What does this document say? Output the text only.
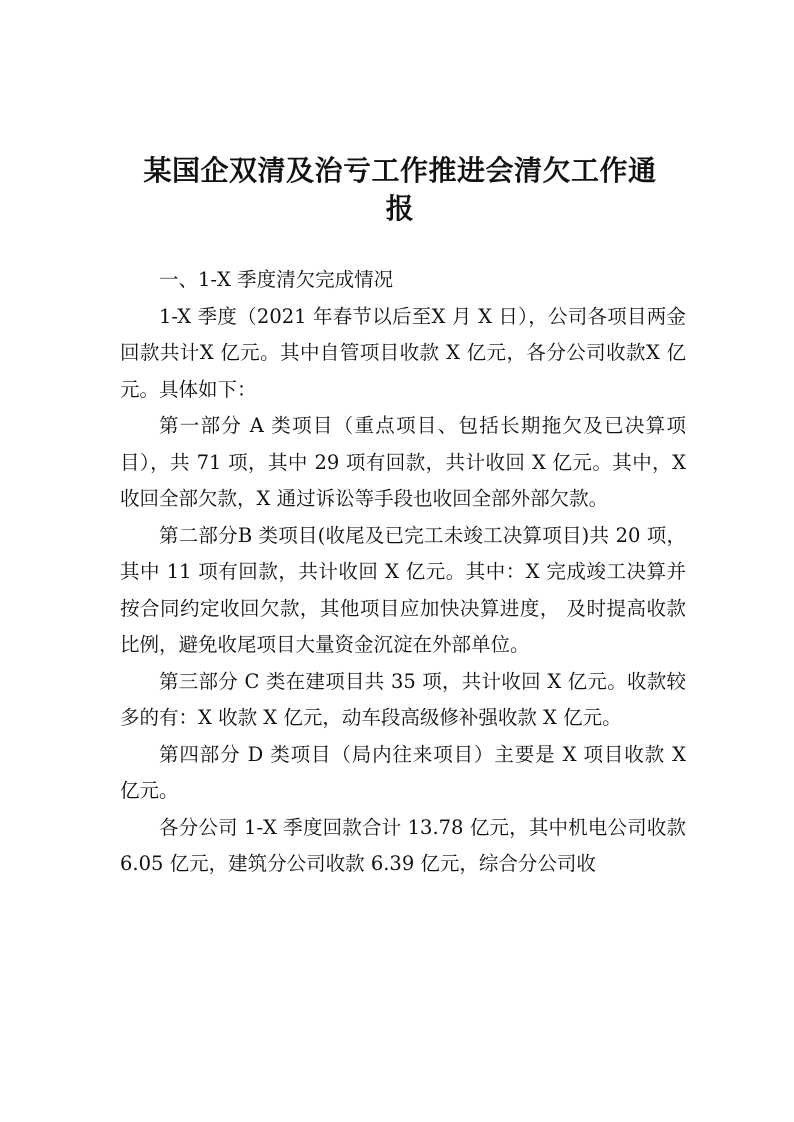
某国企双清及治亏工作推进会清欠工作通
报

一、1-X 季度清欠完成情况

1-X 季度（2021 年春节以后至X 月 X 日），公司各项目两金回款共计X 亿元。其中自管项目收款 X 亿元，各分公司收款X 亿元。具体如下：

第一部分 A 类项目（重点项目、包括长期拖欠及已决算项目），共 71 项，其中 29 项有回款，共计收回 X 亿元。其中，X 收回全部欠款，X 通过诉讼等手段也收回全部外部欠款。

第二部分B 类项目(收尾及已完工未竣工决算项目)共 20 项，其中 11 项有回款，共计收回 X 亿元。其中：X 完成竣工决算并按合同约定收回欠款，其他项目应加快决算进度， 及时提高收款比例，避免收尾项目大量资金沉淀在外部单位。

第三部分 C 类在建项目共 35 项，共计收回 X 亿元。收款较多的有：X 收款 X 亿元，动车段高级修补强收款 X 亿元。

第四部分 D 类项目（局内往来项目）主要是 X 项目收款 X 亿元。

各分公司 1-X 季度回款合计 13.78 亿元，其中机电公司收款 6.05 亿元，建筑分公司收款 6.39 亿元，综合分公司收
